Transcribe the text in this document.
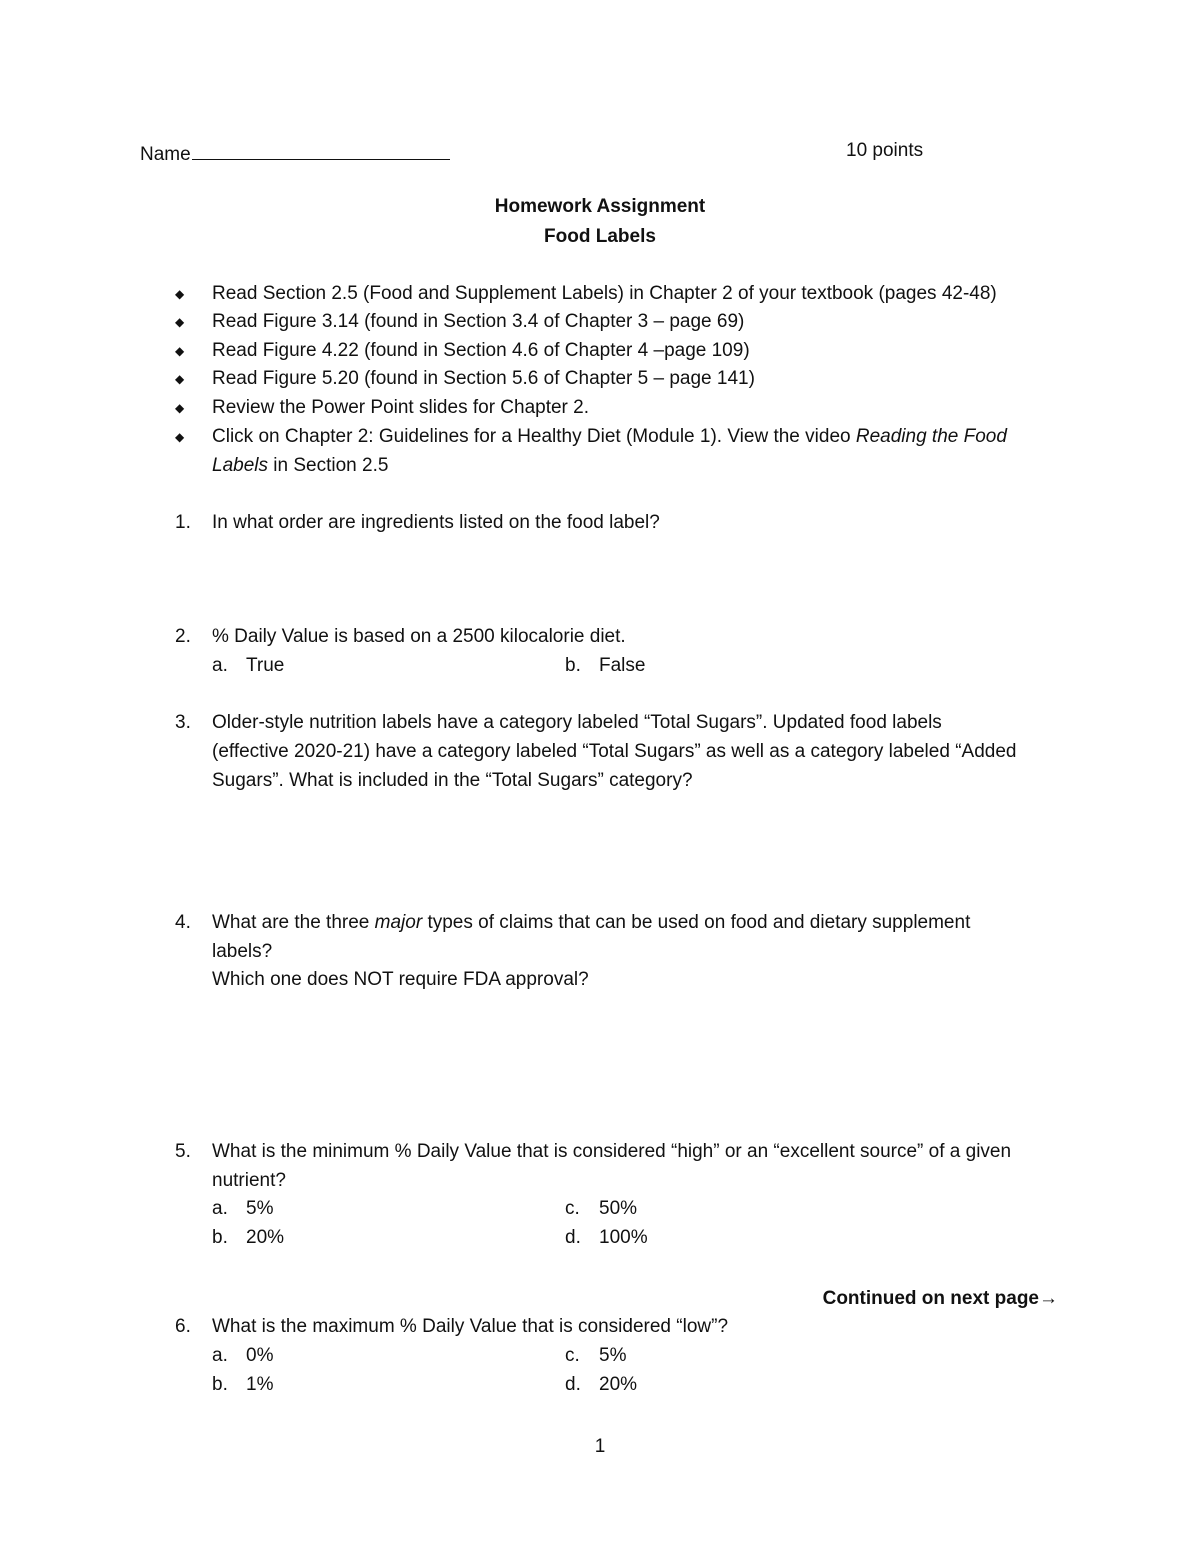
Name	10 points
Homework Assignment
Food Labels
◆ Read Section 2.5 (Food and Supplement Labels) in Chapter 2 of your textbook (pages 42-48)
◆ Read Figure 3.14 (found in Section 3.4 of Chapter 3 – page 69)
◆ Read Figure 4.22 (found in Section 4.6 of Chapter 4 –page 109)
◆ Read Figure 5.20 (found in Section 5.6 of Chapter 5 – page 141)
◆ Review the Power Point slides for Chapter 2.
◆ Click on Chapter 2: Guidelines for a Healthy Diet (Module 1). View the video Reading the Food
Labels in Section 2.5
1. In what order are ingredients listed on the food label?
2. % Daily Value is based on a 2500 kilocalorie diet.
a. True	b. False
3. Older-style nutrition labels have a category labeled “Total Sugars”. Updated food labels
(effective 2020-21) have a category labeled “Total Sugars” as well as a category labeled “Added
Sugars”. What is included in the “Total Sugars” category?
4. What are the three major types of claims that can be used on food and dietary supplement
labels?
Which one does NOT require FDA approval?
5. What is the minimum % Daily Value that is considered “high” or an “excellent source” of a given
nutrient?
a. 5%	c. 50%
b. 20%	d. 100%
Continued on next page→
6. What is the maximum % Daily Value that is considered “low”?
a. 0%	c. 5%
b. 1%	d. 20%
1
